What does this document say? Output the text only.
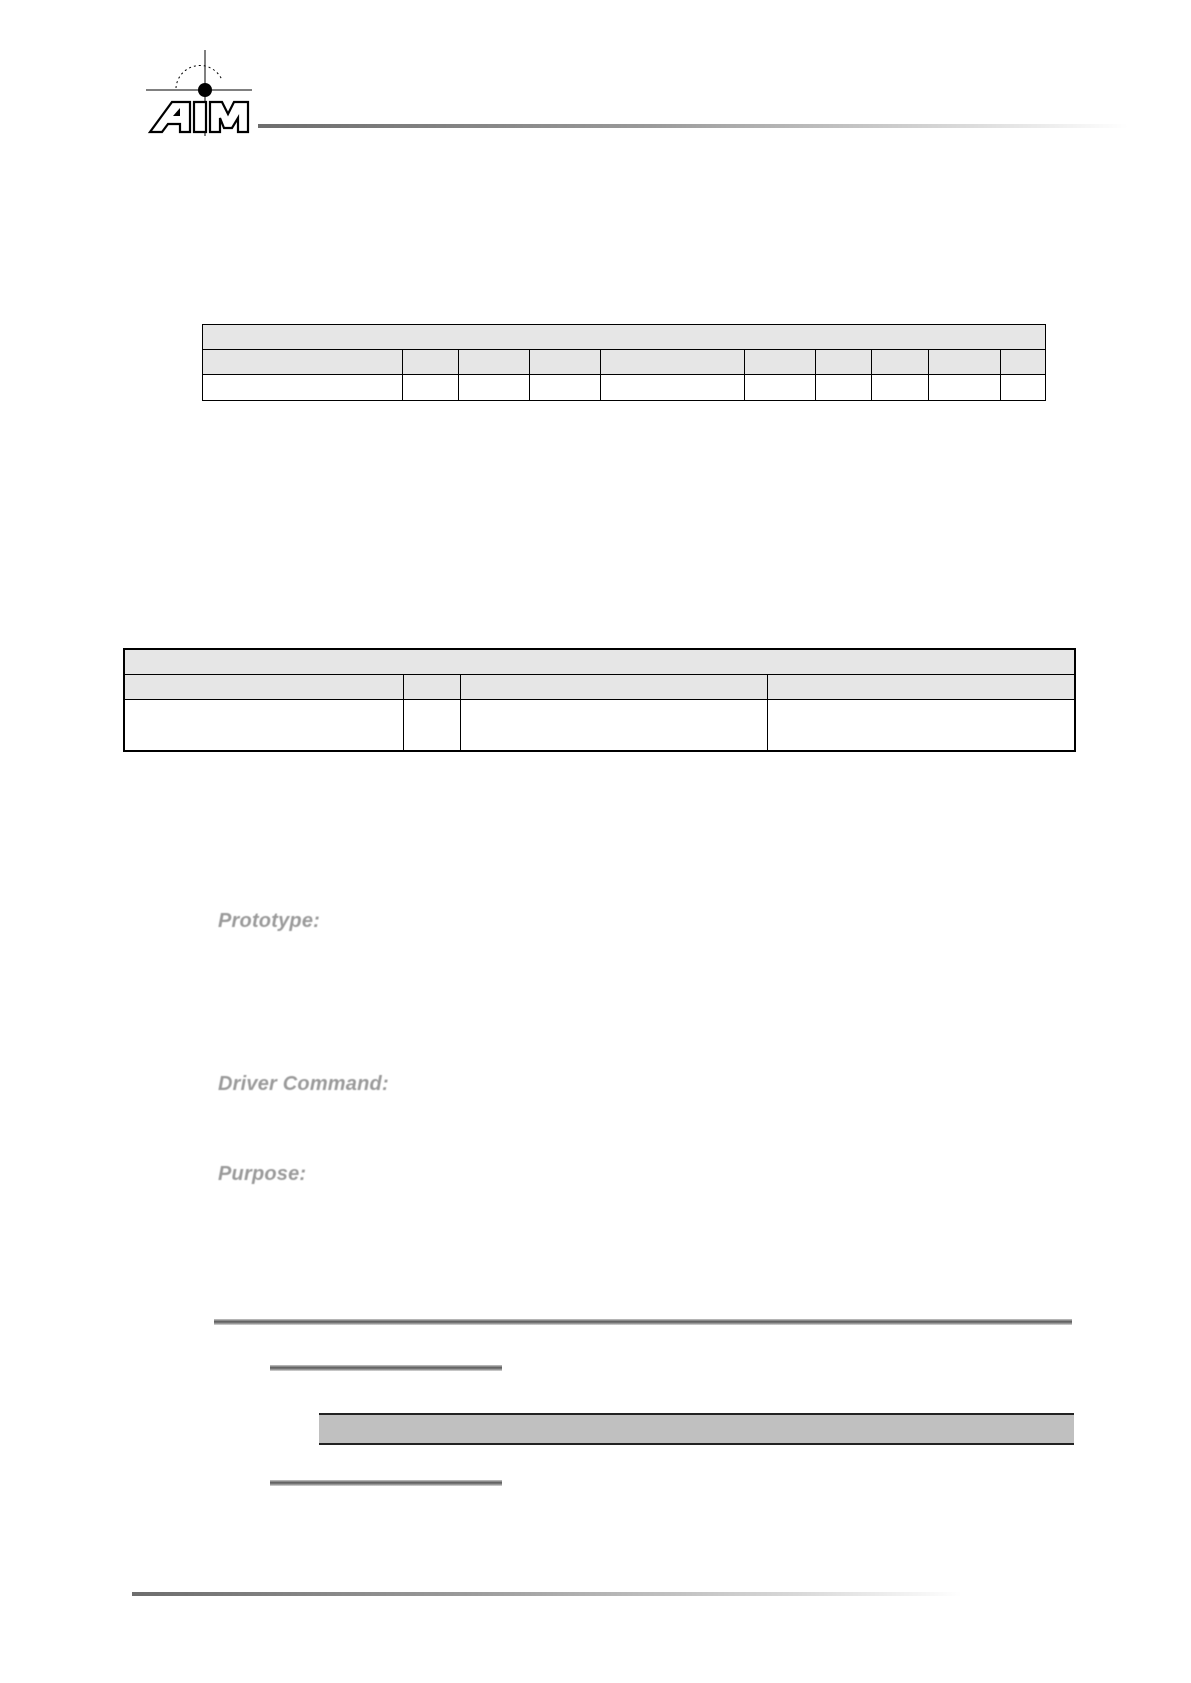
Prototype:
Driver Command:
Purpose:
